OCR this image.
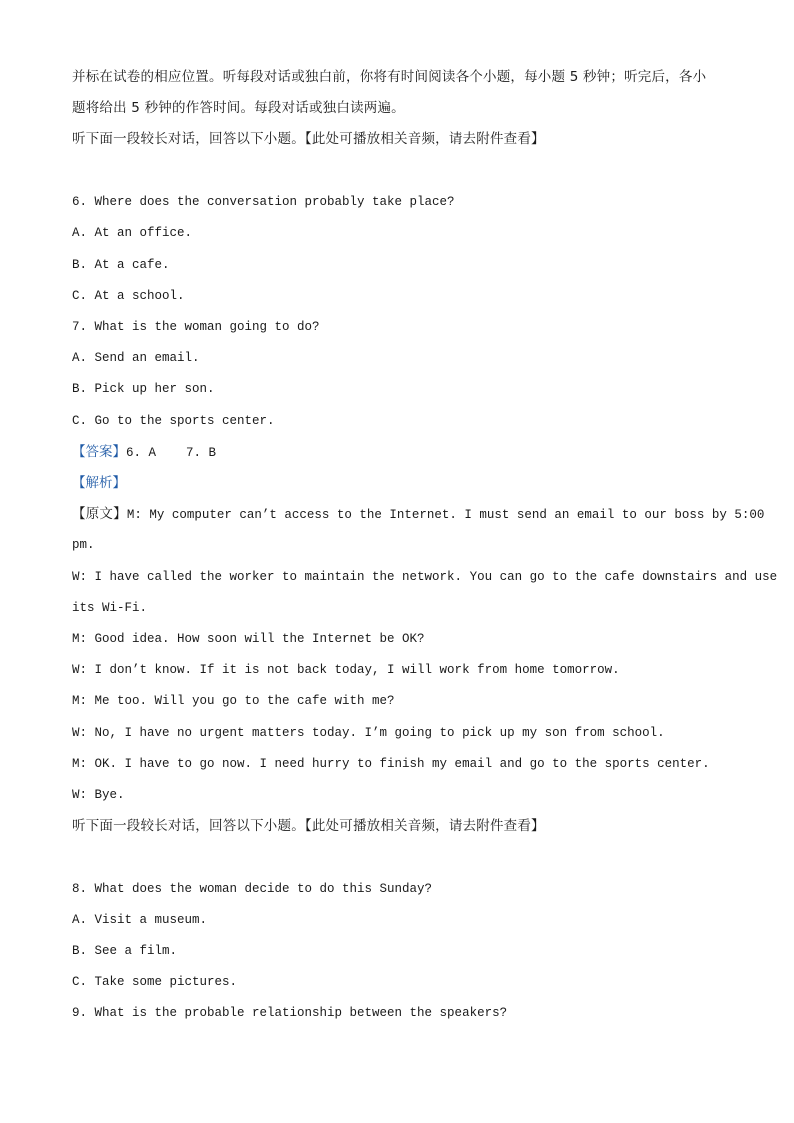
并标在试卷的相应位置。听每段对话或独白前，你将有时间阅读各个小题，每小题 5 秒钟；听完后，各小
题将给出 5 秒钟的作答时间。每段对话或独白读两遍。
听下面一段较长对话，回答以下小题。【此处可播放相关音频，请去附件查看】
6. Where does the conversation probably take place?
A. At an office.
B. At a cafe.
C. At a school.
7. What is the woman going to do?
A. Send an email.
B. Pick up her son.
C. Go to the sports center.
【答案】6. A    7. B
【解析】
【原文】M: My computer can’t access to the Internet. I must send an email to our boss by 5:00
pm.
W: I have called the worker to maintain the network. You can go to the cafe downstairs and use
its Wi-Fi.
M: Good idea. How soon will the Internet be OK?
W: I don’t know. If it is not back today, I will work from home tomorrow.
M: Me too. Will you go to the cafe with me?
W: No, I have no urgent matters today. I’m going to pick up my son from school.
M: OK. I have to go now. I need hurry to finish my email and go to the sports center.
W: Bye.
听下面一段较长对话，回答以下小题。【此处可播放相关音频，请去附件查看】
8. What does the woman decide to do this Sunday?
A. Visit a museum.
B. See a film.
C. Take some pictures.
9. What is the probable relationship between the speakers?
